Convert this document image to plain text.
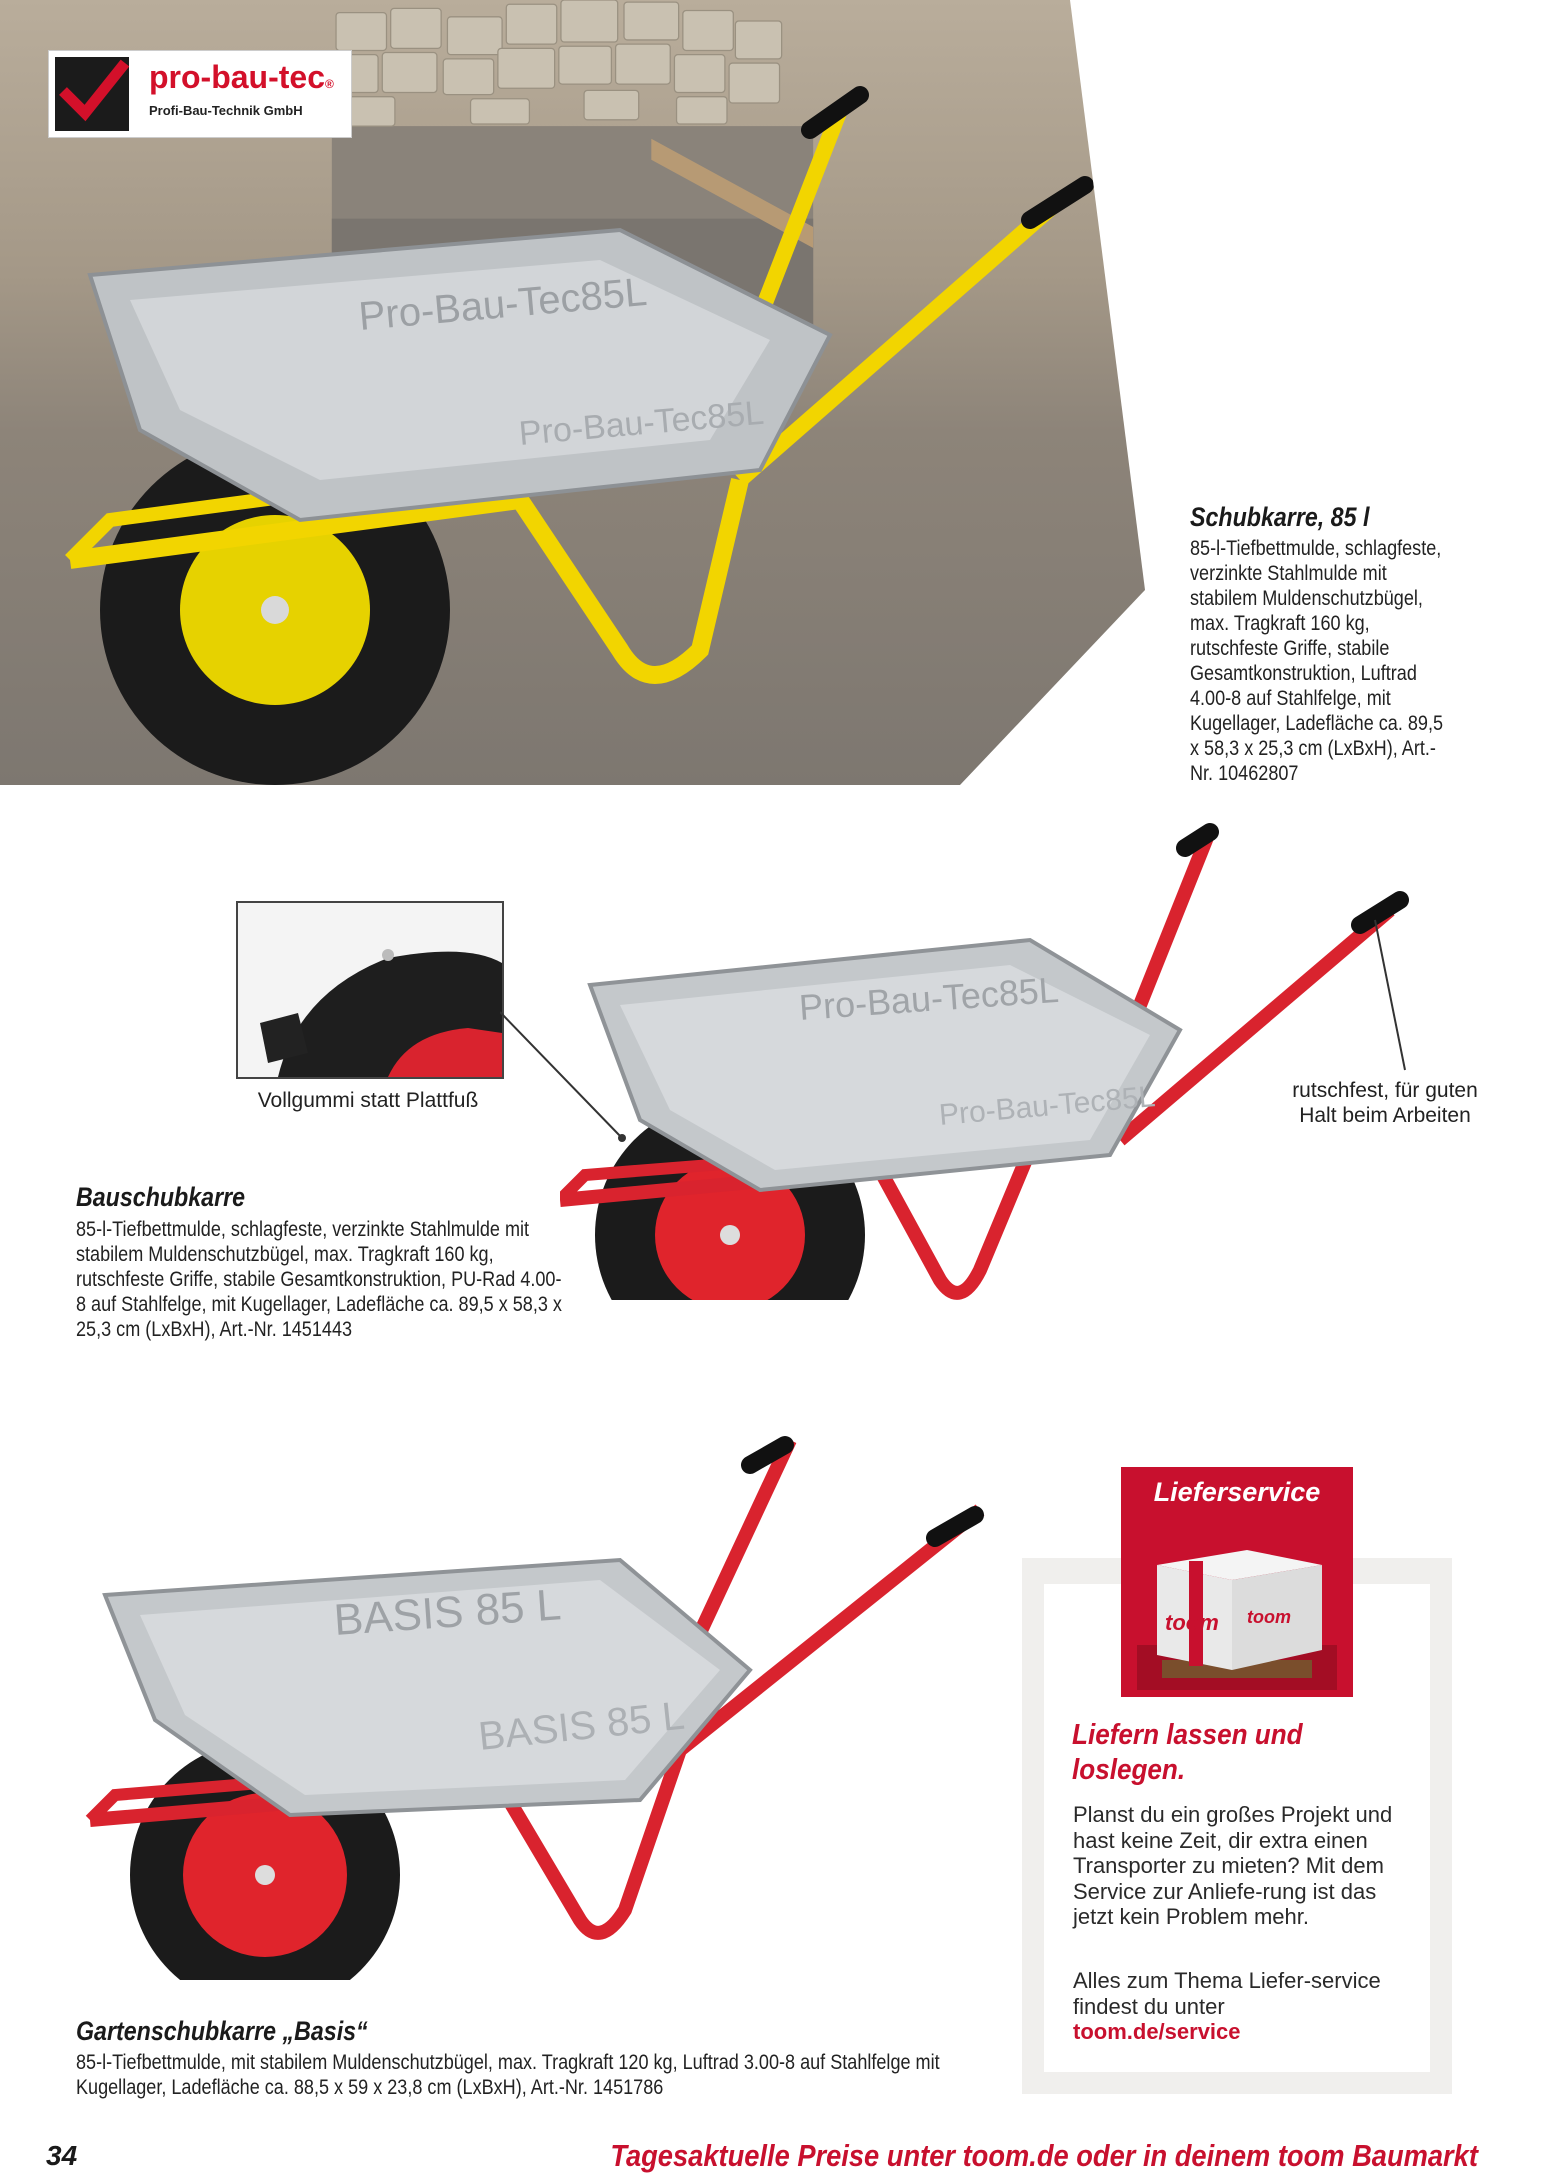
Pro-Bau-Tec85L
Pro-Bau-Tec85L
pro-bau-tec®
Profi-Bau-Technik GmbH
Schubkarre, 85 l
85-l-Tiefbettmulde, schlagfeste, verzinkte Stahlmulde mit stabilem Muldenschutzbügel, max. Tragkraft 160 kg, rutschfeste Griffe, stabile Gesamtkonstruktion, Luftrad 4.00-8 auf Stahlfelge, mit Kugellager, Ladefläche ca. 89,5 x 58,3 x 25,3 cm (LxBxH), Art.-Nr. 10462807
Vollgummi statt Plattfuß
Pro-Bau-Tec85L
Pro-Bau-Tec85L	rutschfest, für guten Halt beim Arbeiten
Bauschubkarre
85-l-Tiefbettmulde, schlagfeste, verzinkte Stahlmulde mit stabilem Muldenschutzbügel, max. Tragkraft 160 kg, rutschfeste Griffe, stabile Gesamtkonstruktion, PU-Rad 4.00-8 auf Stahlfelge, mit Kugellager, Ladefläche ca. 89,5 x 58,3 x 25,3 cm (LxBxH), Art.-Nr. 1451443
BASIS 85 L
BASIS 85 L
Gartenschubkarre „Basis“
85-l-Tiefbettmulde, mit stabilem Muldenschutzbügel, max. Tragkraft 120 kg, Luftrad 3.00-8 auf Stahlfelge mit Kugellager, Ladefläche ca. 88,5 x 59 x 23,8 cm (LxBxH), Art.-Nr. 1451786
Lieferservice
toom toom
Liefern lassen und loslegen.
Planst du ein großes Projekt und hast keine Zeit, dir extra einen Transporter zu mieten? Mit dem Service zur Anliefe-rung ist das jetzt kein Problem mehr.
Alles zum Thema Liefer-service findest du unter
toom.de/service
34	Tagesaktuelle Preise unter toom.de oder in deinem toom Baumarkt
